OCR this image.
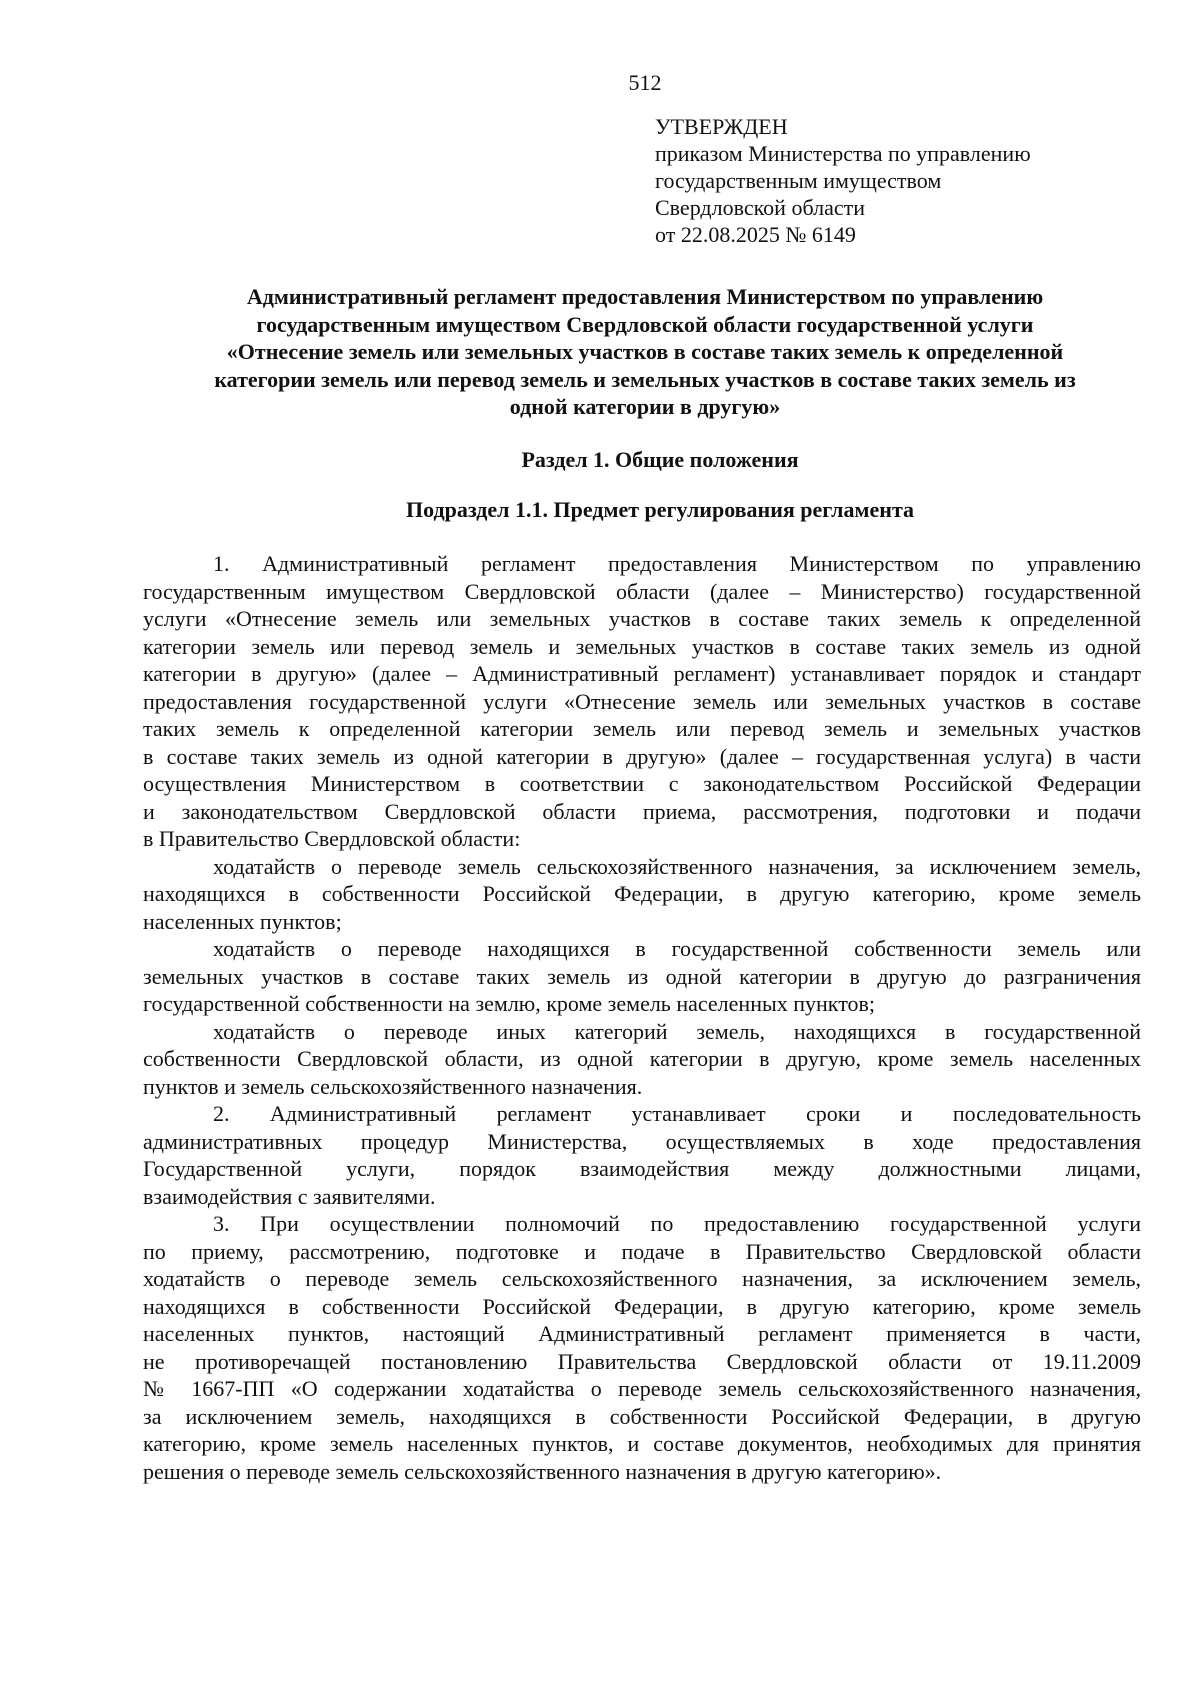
512
УТВЕРЖДЕН
приказом Министерства по управлению
государственным имуществом
Свердловской области
от 22.08.2025 № 6149
Административный регламент предоставления Министерством по управлению
государственным имуществом Свердловской области государственной услуги
«Отнесение земель или земельных участков в составе таких земель к определенной
категории земель или перевод земель и земельных участков в составе таких земель из
одной категории в другую»
Раздел 1. Общие положения
Подраздел 1.1. Предмет регулирования регламента
1. Административный регламент предоставления Министерством по управлению
государственным имуществом Свердловской области (далее – Министерство) государственной
услуги «Отнесение земель или земельных участков в составе таких земель к определенной
категории земель или перевод земель и земельных участков в составе таких земель из одной
категории в другую» (далее – Административный регламент) устанавливает порядок и стандарт
предоставления государственной услуги «Отнесение земель или земельных участков в составе
таких земель к определенной категории земель или перевод земель и земельных участков
в составе таких земель из одной категории в другую» (далее – государственная услуга) в части
осуществления Министерством в соответствии с законодательством Российской Федерации
и законодательством Свердловской области приема, рассмотрения, подготовки и подачи
в Правительство Свердловской области:
ходатайств о переводе земель сельскохозяйственного назначения, за исключением земель,
находящихся в собственности Российской Федерации, в другую категорию, кроме земель
населенных пунктов;
ходатайств о переводе находящихся в государственной собственности земель или
земельных участков в составе таких земель из одной категории в другую до разграничения
государственной собственности на землю, кроме земель населенных пунктов;
ходатайств о переводе иных категорий земель, находящихся в государственной
собственности Свердловской области, из одной категории в другую, кроме земель населенных
пунктов и земель сельскохозяйственного назначения.
2. Административный регламент устанавливает сроки и последовательность
административных процедур Министерства, осуществляемых в ходе предоставления
Государственной услуги, порядок взаимодействия между должностными лицами,
взаимодействия с заявителями.
3. При осуществлении полномочий по предоставлению государственной услуги
по приему, рассмотрению, подготовке и подаче в Правительство Свердловской области
ходатайств о переводе земель сельскохозяйственного назначения, за исключением земель,
находящихся в собственности Российской Федерации, в другую категорию, кроме земель
населенных пунктов, настоящий Административный регламент применяется в части,
не противоречащей постановлению Правительства Свердловской области от 19.11.2009
№ 1667-ПП «О содержании ходатайства о переводе земель сельскохозяйственного назначения,
за исключением земель, находящихся в собственности Российской Федерации, в другую
категорию, кроме земель населенных пунктов, и составе документов, необходимых для принятия
решения о переводе земель сельскохозяйственного назначения в другую категорию».
